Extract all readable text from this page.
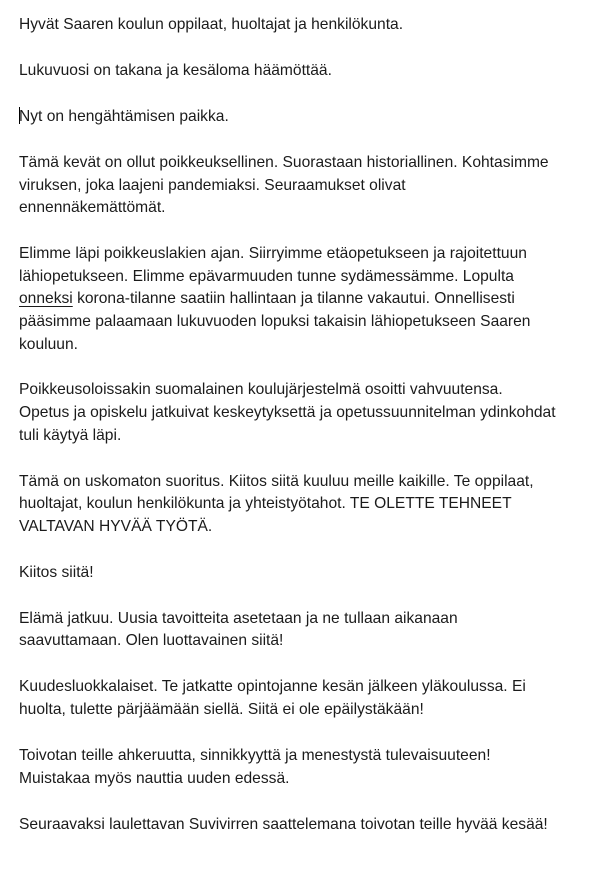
Hyvät Saaren koulun oppilaat, huoltajat ja henkilökunta.

Lukuvuosi on takana ja kesäloma häämöttää.

Nyt on hengähtämisen paikka.

Tämä kevät on ollut poikkeuksellinen. Suorastaan historiallinen. Kohtasimme
viruksen, joka laajeni pandemiaksi. Seuraamukset olivat
ennennäkemättömät.

Elimme läpi poikkeuslakien ajan. Siirryimme etäopetukseen ja rajoitettuun
lähiopetukseen. Elimme epävarmuuden tunne sydämessämme. Lopulta
onneksi korona-tilanne saatiin hallintaan ja tilanne vakautui. Onnellisesti
pääsimme palaamaan lukuvuoden lopuksi takaisin lähiopetukseen Saaren
kouluun.

Poikkeusoloissakin suomalainen koulujärjestelmä osoitti vahvuutensa.
Opetus ja opiskelu jatkuivat keskeytyksettä ja opetussuunnitelman ydinkohdat
tuli käytyä läpi.

Tämä on uskomaton suoritus. Kiitos siitä kuuluu meille kaikille. Te oppilaat,
huoltajat, koulun henkilökunta ja yhteistyötahot. TE OLETTE TEHNEET
VALTAVAN HYVÄÄ TYÖTÄ.

Kiitos siitä!

Elämä jatkuu. Uusia tavoitteita asetetaan ja ne tullaan aikanaan
saavuttamaan. Olen luottavainen siitä!

Kuudesluokkalaiset. Te jatkatte opintojanne kesän jälkeen yläkoulussa. Ei
huolta, tulette pärjäämään siellä. Siitä ei ole epäilystäkään!

Toivotan teille ahkeruutta, sinnikkyyttä ja menestystä tulevaisuuteen!
Muistakaa myös nauttia uuden edessä.

Seuraavaksi laulettavan Suvivirren saattelemana toivotan teille hyvää kesää!
